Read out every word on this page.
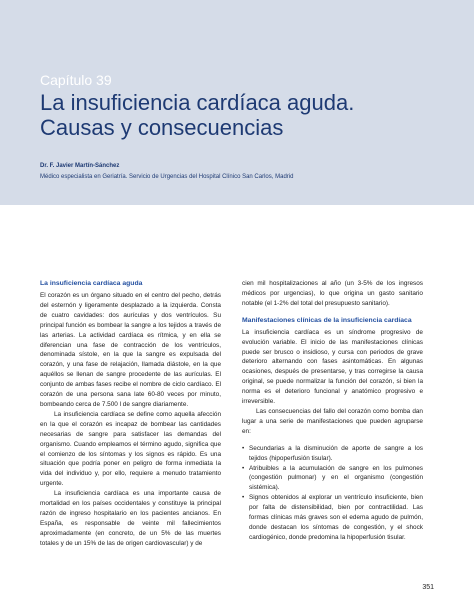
Capítulo 39
La insuficiencia cardíaca aguda.
Causas y consecuencias
Dr. F. Javier Martín-Sánchez
Médico especialista en Geriatría. Servicio de Urgencias del Hospital Clínico San Carlos, Madrid
La insuficiencia cardíaca aguda

El corazón es un órgano situado en el centro del pecho, detrás del esternón y ligeramente desplazado a la izquierda. Consta de cuatro cavidades: dos aurículas y dos ventrículos. Su principal función es bombear la sangre a los tejidos a través de las arterias. La actividad cardíaca es rítmica, y en ella se diferencian una fase de contracción de los ventrículos, denominada sístole, en la que la sangre es expulsada del corazón, y una fase de relajación, llamada diástole, en la que aquéllos se llenan de sangre procedente de las aurículas. El conjunto de ambas fases recibe el nombre de ciclo cardíaco. El corazón de una persona sana late 60-80 veces por minuto, bombeando cerca de 7.500 l de sangre diariamente.

La insuficiencia cardíaca se define como aquella afección en la que el corazón es incapaz de bombear las cantidades necesarias de sangre para satisfacer las demandas del organismo. Cuando empleamos el término agudo, significa que el comienzo de los síntomas y los signos es rápido. Es una situación que podría poner en peligro de forma inmediata la vida del individuo y, por ello, requiere a menudo tratamiento urgente.

La insuficiencia cardíaca es una importante causa de mortalidad en los países occidentales y constituye la principal razón de ingreso hospitalario en los pacientes ancianos. En España, es responsable de veinte mil fallecimientos aproximadamente (en concreto, de un 5% de las muertes totales y de un 15% de las de origen cardiovascular) y de

cien mil hospitalizaciones al año (un 3-5% de los ingresos médicos por urgencias), lo que origina un gasto sanitario notable (el 1-2% del total del presupuesto sanitario).

Manifestaciones clínicas de la insuficiencia cardíaca

La insuficiencia cardíaca es un síndrome progresivo de evolución variable. El inicio de las manifestaciones clínicas puede ser brusco o insidioso, y cursa con periodos de grave deterioro alternando con fases asintomáticas. En algunas ocasiones, después de presentarse, y tras corregirse la causa original, se puede normalizar la función del corazón, si bien la norma es el deterioro funcional y anatómico progresivo e irreversible.

Las consecuencias del fallo del corazón como bomba dan lugar a una serie de manifestaciones que pueden agruparse en:

• Secundarias a la disminución de aporte de sangre a los tejidos (hipoperfusión tisular).
• Atribuibles a la acumulación de sangre en los pulmones (congestión pulmonar) y en el organismo (congestión sistémica).
• Signos obtenidos al explorar un ventrículo insuficiente, bien por falta de distensibilidad, bien por contractilidad. Las formas clínicas más graves son el edema agudo de pulmón, donde destacan los síntomas de congestión, y el shock cardiogénico, donde predomina la hipoperfusión tisular.
351
